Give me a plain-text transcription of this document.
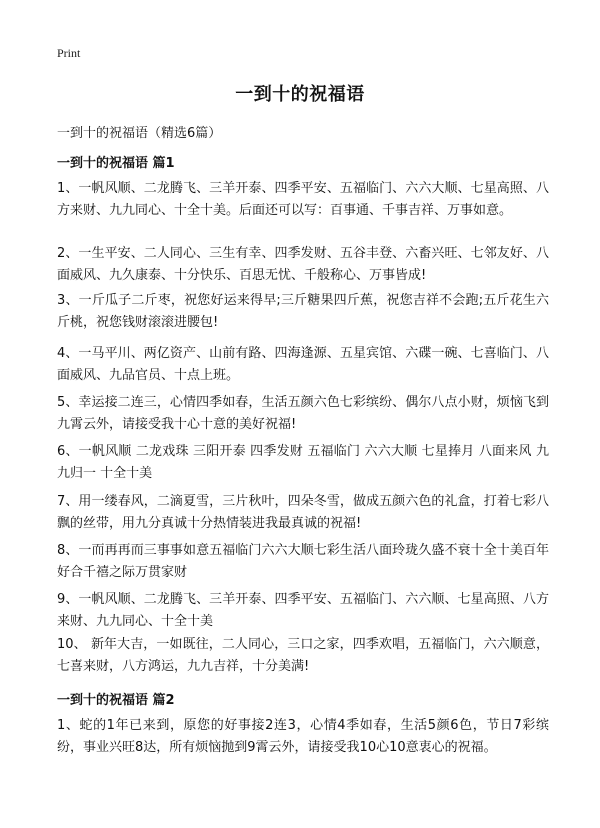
Print
一到十的祝福语

一到十的祝福语（精选6篇）

一到十的祝福语 篇1

1、一帆风顺、二龙腾飞、三羊开泰、四季平安、五福临门、六六大顺、七星高照、八方来财、九九同心、十全十美。后面还可以写：百事通、千事吉祥、万事如意。

2、一生平安、二人同心、三生有幸、四季发财、五谷丰登、六畜兴旺、七邻友好、八面威风、九久康泰、十分快乐、百思无忧、千般称心、万事皆成!

3、一斤瓜子二斤枣，祝您好运来得早;三斤糖果四斤蕉，祝您吉祥不会跑;五斤花生六斤桃，祝您钱财滚滚进腰包!

4、一马平川、两亿资产、山前有路、四海逢源、五星宾馆、六碟一碗、七喜临门、八面威风、九品官员、十点上班。

5、幸运接二连三，心情四季如春，生活五颜六色七彩缤纷、偶尔八点小财，烦恼飞到九霄云外，请接受我十心十意的美好祝福!

6、一帆风顺 二龙戏珠 三阳开泰 四季发财 五福临门 六六大顺 七星捧月 八面来风 九九归一 十全十美

7、用一缕春风，二滴夏雪，三片秋叶，四朵冬雪，做成五颜六色的礼盒，打着七彩八飘的丝带，用九分真诚十分热情装进我最真诚的祝福!

8、一而再再而三事事如意五福临门六六大顺七彩生活八面玲珑久盛不衰十全十美百年好合千禧之际万贯家财

9、一帆风顺、二龙腾飞、三羊开泰、四季平安、五福临门、六六顺、七星高照、八方来财、九九同心、十全十美

10、 新年大吉，一如既往，二人同心，三口之家，四季欢唱，五福临门，六六顺意，七喜来财，八方鸿运，九九吉祥，十分美满!

一到十的祝福语 篇2

1、蛇的1年已来到，原您的好事接2连3，心情4季如春，生活5颜6色，节日7彩缤纷，事业兴旺8达，所有烦恼抛到9霄云外，请接受我10心10意衷心的祝福。
